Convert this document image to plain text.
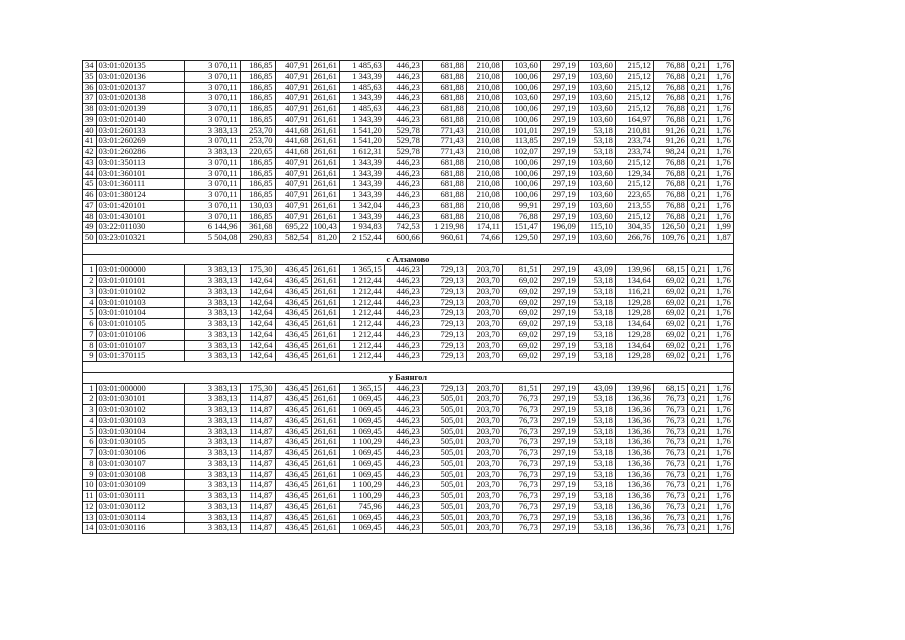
34	03:01:020135	3 070,11	186,85	407,91	261,61	1 485,63	446,23	681,88	210,08	103,60	297,19	103,60	215,12	76,88	0,21	1,76
35	03:01:020136	3 070,11	186,85	407,91	261,61	1 343,39	446,23	681,88	210,08	100,06	297,19	103,60	215,12	76,88	0,21	1,76
36	03:01:020137	3 070,11	186,85	407,91	261,61	1 485,63	446,23	681,88	210,08	100,06	297,19	103,60	215,12	76,88	0,21	1,76
37	03:01:020138	3 070,11	186,85	407,91	261,61	1 343,39	446,23	681,88	210,08	103,60	297,19	103,60	215,12	76,88	0,21	1,76
38	03:01:020139	3 070,11	186,85	407,91	261,61	1 485,63	446,23	681,88	210,08	100,06	297,19	103,60	215,12	76,88	0,21	1,76
39	03:01:020140	3 070,11	186,85	407,91	261,61	1 343,39	446,23	681,88	210,08	100,06	297,19	103,60	164,97	76,88	0,21	1,76
40	03:01:260133	3 383,13	253,70	441,68	261,61	1 541,20	529,78	771,43	210,08	101,01	297,19	53,18	210,81	91,26	0,21	1,76
41	03:01:260269	3 070,11	253,70	441,68	261,61	1 541,20	529,78	771,43	210,08	113,85	297,19	53,18	233,74	91,26	0,21	1,76
42	03:01:260286	3 383,13	220,65	441,68	261,61	1 612,31	529,78	771,43	210,08	102,07	297,19	53,18	233,74	98,24	0,21	1,76
43	03:01:350113	3 070,11	186,85	407,91	261,61	1 343,39	446,23	681,88	210,08	100,06	297,19	103,60	215,12	76,88	0,21	1,76
44	03:01:360101	3 070,11	186,85	407,91	261,61	1 343,39	446,23	681,88	210,08	100,06	297,19	103,60	129,34	76,88	0,21	1,76
45	03:01:360111	3 070,11	186,85	407,91	261,61	1 343,39	446,23	681,88	210,08	100,06	297,19	103,60	215,12	76,88	0,21	1,76
46	03:01:380124	3 070,11	186,85	407,91	261,61	1 343,39	446,23	681,88	210,08	100,06	297,19	103,60	223,65	76,88	0,21	1,76
47	03:01:420101	3 070,11	130,03	407,91	261,61	1 342,04	446,23	681,88	210,08	99,91	297,19	103,60	213,55	76,88	0,21	1,76
48	03:01:430101	3 070,11	186,85	407,91	261,61	1 343,39	446,23	681,88	210,08	76,88	297,19	103,60	215,12	76,88	0,21	1,76
49	03:22:011030	6 144,96	361,68	695,22	100,43	1 934,83	742,53	1 219,98	174,11	151,47	196,09	115,10	304,35	126,50	0,21	1,99
50	03:23:010321	5 504,08	290,83	582,54	81,20	2 152,44	600,66	960,61	74,66	129,50	297,19	103,60	266,76	109,76	0,21	1,87

с Алзамово																
1	03:01:000000	3 383,13	175,30	436,45	261,61	1 365,15	446,23	729,13	203,70	81,51	297,19	43,09	139,96	68,15	0,21	1,76
2	03:01:010101	3 383,13	142,64	436,45	261,61	1 212,44	446,23	729,13	203,70	69,02	297,19	53,18	134,64	69,02	0,21	1,76
3	03:01:010102	3 383,13	142,64	436,45	261,61	1 212,44	446,23	729,13	203,70	69,02	297,19	53,18	116,21	69,02	0,21	1,76
4	03:01:010103	3 383,13	142,64	436,45	261,61	1 212,44	446,23	729,13	203,70	69,02	297,19	53,18	129,28	69,02	0,21	1,76
5	03:01:010104	3 383,13	142,64	436,45	261,61	1 212,44	446,23	729,13	203,70	69,02	297,19	53,18	129,28	69,02	0,21	1,76
6	03:01:010105	3 383,13	142,64	436,45	261,61	1 212,44	446,23	729,13	203,70	69,02	297,19	53,18	134,64	69,02	0,21	1,76
7	03:01:010106	3 383,13	142,64	436,45	261,61	1 212,44	446,23	729,13	203,70	69,02	297,19	53,18	129,28	69,02	0,21	1,76
8	03:01:010107	3 383,13	142,64	436,45	261,61	1 212,44	446,23	729,13	203,70	69,02	297,19	53,18	134,64	69,02	0,21	1,76
9	03:01:370115	3 383,13	142,64	436,45	261,61	1 212,44	446,23	729,13	203,70	69,02	297,19	53,18	129,28	69,02	0,21	1,76

у Баянгол																
1	03:01:000000	3 383,13	175,30	436,45	261,61	1 365,15	446,23	729,13	203,70	81,51	297,19	43,09	139,96	68,15	0,21	1,76
2	03:01:030101	3 383,13	114,87	436,45	261,61	1 069,45	446,23	505,01	203,70	76,73	297,19	53,18	136,36	76,73	0,21	1,76
3	03:01:030102	3 383,13	114,87	436,45	261,61	1 069,45	446,23	505,01	203,70	76,73	297,19	53,18	136,36	76,73	0,21	1,76
4	03:01:030103	3 383,13	114,87	436,45	261,61	1 069,45	446,23	505,01	203,70	76,73	297,19	53,18	136,36	76,73	0,21	1,76
5	03:01:030104	3 383,13	114,87	436,45	261,61	1 069,45	446,23	505,01	203,70	76,73	297,19	53,18	136,36	76,73	0,21	1,76
6	03:01:030105	3 383,13	114,87	436,45	261,61	1 100,29	446,23	505,01	203,70	76,73	297,19	53,18	136,36	76,73	0,21	1,76
7	03:01:030106	3 383,13	114,87	436,45	261,61	1 069,45	446,23	505,01	203,70	76,73	297,19	53,18	136,36	76,73	0,21	1,76
8	03:01:030107	3 383,13	114,87	436,45	261,61	1 069,45	446,23	505,01	203,70	76,73	297,19	53,18	136,36	76,73	0,21	1,76
9	03:01:030108	3 383,13	114,87	436,45	261,61	1 069,45	446,23	505,01	203,70	76,73	297,19	53,18	136,36	76,73	0,21	1,76
10	03:01:030109	3 383,13	114,87	436,45	261,61	1 100,29	446,23	505,01	203,70	76,73	297,19	53,18	136,36	76,73	0,21	1,76
11	03:01:030111	3 383,13	114,87	436,45	261,61	1 100,29	446,23	505,01	203,70	76,73	297,19	53,18	136,36	76,73	0,21	1,76
12	03:01:030112	3 383,13	114,87	436,45	261,61	745,96	446,23	505,01	203,70	76,73	297,19	53,18	136,36	76,73	0,21	1,76
13	03:01:030114	3 383,13	114,87	436,45	261,61	1 069,45	446,23	505,01	203,70	76,73	297,19	53,18	136,36	76,73	0,21	1,76
14	03:01:030116	3 383,13	114,87	436,45	261,61	1 069,45	446,23	505,01	203,70	76,73	297,19	53,18	136,36	76,73	0,21	1,76
